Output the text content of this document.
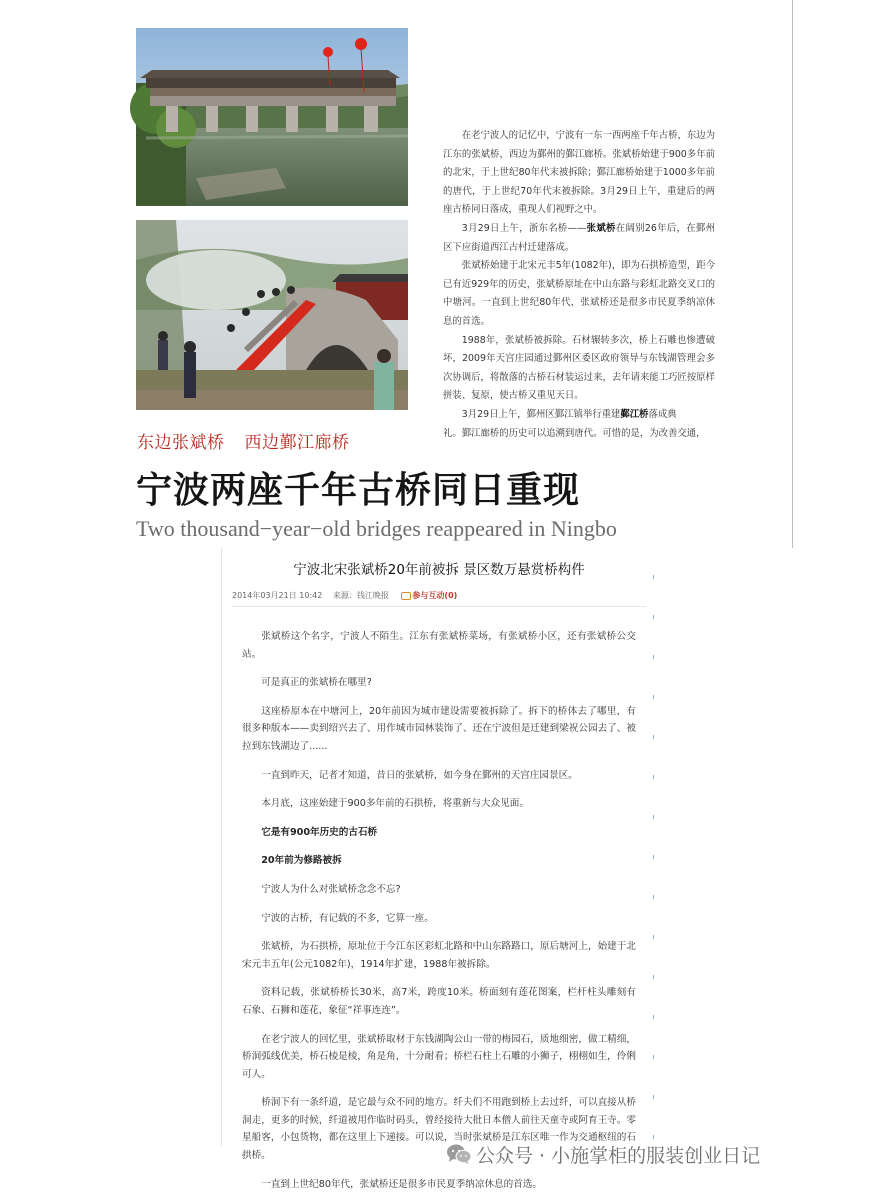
在老宁波人的记忆中，宁波有一东一西两座千年古桥，东边为江东的张斌桥，西边为鄞州的鄞江廊桥。张斌桥始建于900多年前的北宋，于上世纪80年代末被拆除；鄞江廊桥始建于1000多年前的唐代，于上世纪70年代末被拆除。3月29日上午，重建后的两座古桥同日落成，重现人们视野之中。

3月29日上午，浙东名桥——张斌桥在阔别26年后，在鄞州区下应街道西江古村迁建落成。

张斌桥始建于北宋元丰5年(1082年)，即为石拱桥造型，距今已有近929年的历史，张斌桥原址在中山东路与彩虹北路交叉口的中塘河。一直到上世纪80年代，张斌桥还是很多市民夏季纳凉休息的首选。

1988年，张斌桥被拆除。石材辗转多次，桥上石雕也惨遭破坏，2009年天宫庄园通过鄞州区委区政府领导与东钱湖管理会多次协调后，将散落的古桥石材装运过来，去年请来能工巧匠按原样拼装、复原，使古桥又重见天日。

3月29日上午，鄞州区鄞江镇举行重建鄞江桥落成典

礼。鄞江廊桥的历史可以追溯到唐代。可惜的是，为改善交通，

东边张斌桥 西边鄞江廊桥
宁波两座千年古桥同日重现
Two thousand−year−old bridges reappeared in Ningbo
宁波北宋张斌桥20年前被拆 景区数万悬赏桥构件
2014年03月21日 10:42 来源：钱江晚报	参与互动(0)

张斌桥这个名字，宁波人不陌生。江东有张斌桥菜场，有张斌桥小区，还有张斌桥公交站。

可是真正的张斌桥在哪里?

这座桥原本在中塘河上，20年前因为城市建设需要被拆除了。拆下的桥体去了哪里，有很多种版本——卖到绍兴去了、用作城市园林装饰了、还在宁波但是迁建到梁祝公园去了、被拉到东钱湖边了......

一直到昨天，记者才知道，昔日的张斌桥，如今身在鄞州的天宫庄园景区。

本月底，这座始建于900多年前的石拱桥，将重新与大众见面。

它是有900年历史的古石桥

20年前为修路被拆

宁波人为什么对张斌桥念念不忘?

宁波的古桥，有记载的不多，它算一座。

张斌桥，为石拱桥，原址位于今江东区彩虹北路和中山东路路口，原后塘河上，始建于北宋元丰五年(公元1082年)，1914年扩建，1988年被拆除。

资料记载，张斌桥桥长30米，高7米，跨度10米。桥面刻有莲花图案，栏杆柱头雕刻有石象、石狮和莲花，象征“祥事连连”。

在老宁波人的回忆里，张斌桥取材于东钱湖陶公山一带的梅园石，质地细密，做工精细，桥洞弧线优美，桥石棱是棱，角是角，十分耐看；桥栏石柱上石雕的小狮子，栩栩如生，伶俐可人。

桥洞下有一条纤道，是它最与众不同的地方。纤夫们不用跑到桥上去过纤，可以直接从桥洞走，更多的时候，纤道被用作临时码头，曾经接待大批日本僧人前往天童寺或阿育王寺。零星船客，小包货物，都在这里上下递接。可以说，当时张斌桥是江东区唯一作为交通枢纽的石拱桥。

一直到上世纪80年代，张斌桥还是很多市民夏季纳凉休息的首选。

公众号 · 小施掌柜的服装创业日记
